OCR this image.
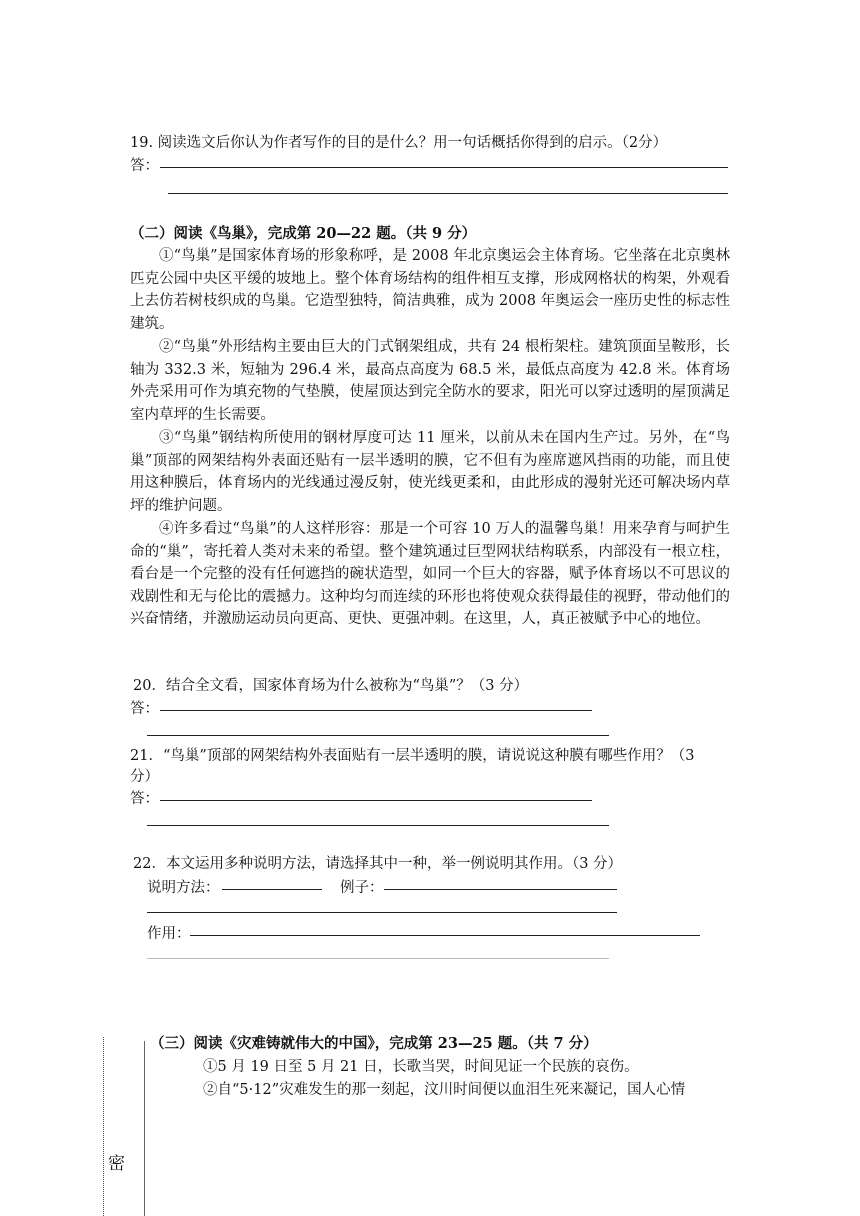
19. 阅读选文后你认为作者写作的目的是什么？用一句话概括你得到的启示。（2分）
答：
（二）阅读《鸟巢》，完成第 20—22 题。（共 9 分）
①“鸟巢”是国家体育场的形象称呼，是 2008 年北京奥运会主体育场。它坐落在北京奥林匹克公园中央区平缓的坡地上。整个体育场结构的组件相互支撑，形成网格状的构架，外观看上去仿若树枝织成的鸟巢。它造型独特，简洁典雅，成为 2008 年奥运会一座历史性的标志性建筑。
②“鸟巢”外形结构主要由巨大的门式钢架组成，共有 24 根桁架柱。建筑顶面呈鞍形，长轴为 332.3 米，短轴为 296.4 米，最高点高度为 68.5 米，最低点高度为 42.8 米。体育场外壳采用可作为填充物的气垫膜，使屋顶达到完全防水的要求，阳光可以穿过透明的屋顶满足室内草坪的生长需要。
③“鸟巢”钢结构所使用的钢材厚度可达 11 厘米，以前从未在国内生产过。另外，在“鸟巢”顶部的网架结构外表面还贴有一层半透明的膜，它不但有为座席遮风挡雨的功能，而且使用这种膜后，体育场内的光线通过漫反射，使光线更柔和，由此形成的漫射光还可解决场内草坪的维护问题。
④许多看过“鸟巢”的人这样形容：那是一个可容 10 万人的温馨鸟巢！用来孕育与呵护生命的“巢”，寄托着人类对未来的希望。整个建筑通过巨型网状结构联系，内部没有一根立柱，看台是一个完整的没有任何遮挡的碗状造型，如同一个巨大的容器，赋予体育场以不可思议的戏剧性和无与伦比的震撼力。这种均匀而连续的环形也将使观众获得最佳的视野，带动他们的兴奋情绪，并激励运动员向更高、更快、更强冲刺。在这里，人，真正被赋予中心的地位。
20．结合全文看，国家体育场为什么被称为“鸟巢”？（3 分）
答：
21．“鸟巢”顶部的网架结构外表面贴有一层半透明的膜，请说说这种膜有哪些作用？（3
分）
答：
22．本文运用多种说明方法，请选择其中一种，举一例说明其作用。（3 分）
说明方法：	例子：
作用：
密
（三）阅读《灾难铸就伟大的中国》，完成第 23—25 题。（共 7 分）
①5 月 19 日至 5 月 21 日，长歌当哭，时间见证一个民族的哀伤。
②自“5·12”灾难发生的那一刻起，汶川时间便以血泪生死来凝记，国人心情
